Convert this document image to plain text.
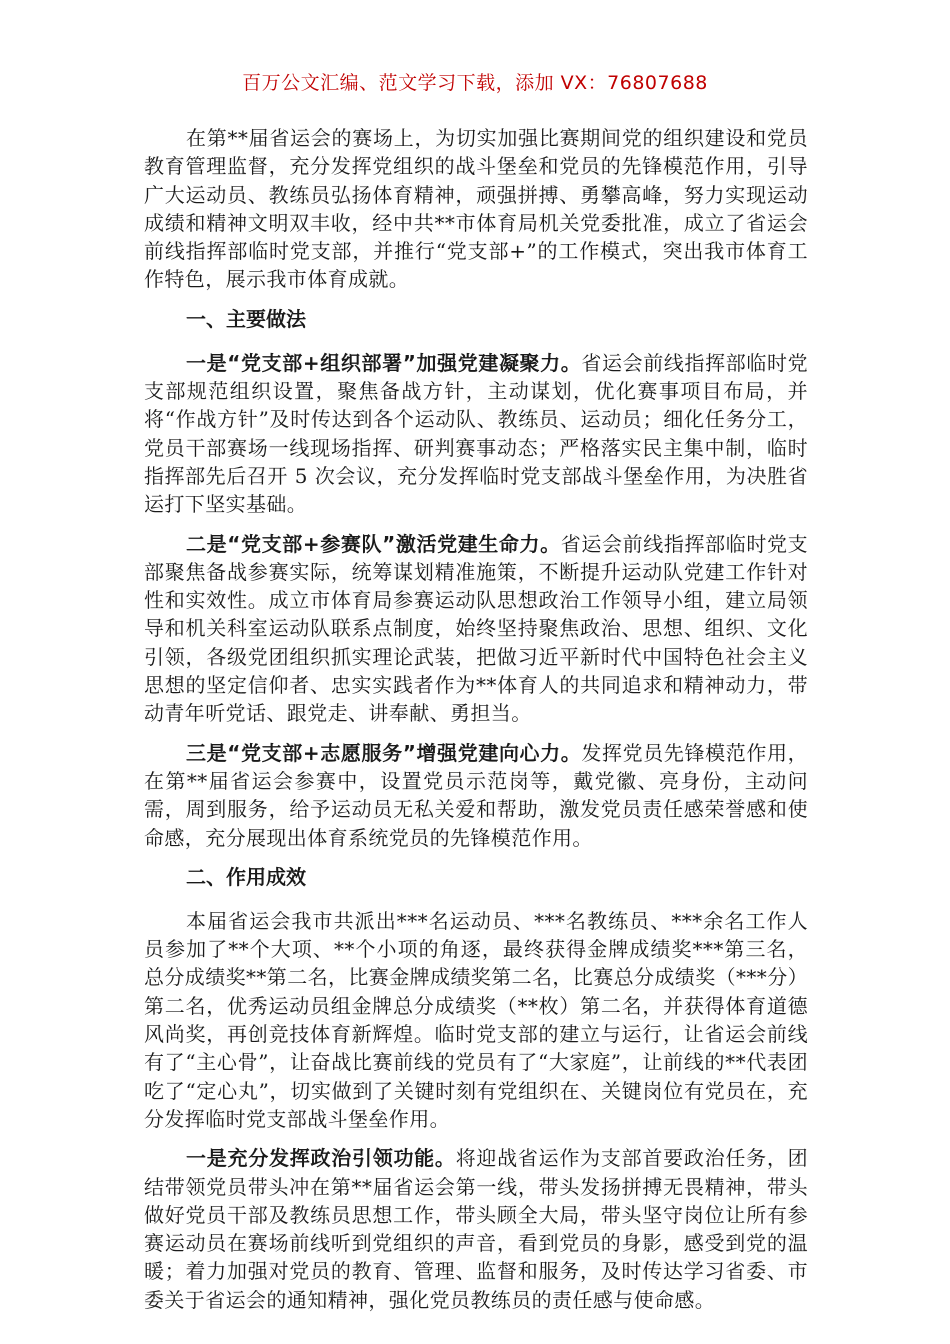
百万公文汇编、范文学习下载，添加 VX：76807688

在第**届省运会的赛场上，为切实加强比赛期间党的组织建设和党员教育管理监督，充分发挥党组织的战斗堡垒和党员的先锋模范作用，引导广大运动员、教练员弘扬体育精神，顽强拼搏、勇攀高峰，努力实现运动成绩和精神文明双丰收，经中共**市体育局机关党委批准，成立了省运会前线指挥部临时党支部，并推行“党支部+”的工作模式，突出我市体育工作特色，展示我市体育成就。

一、主要做法

一是“党支部+组织部署”加强党建凝聚力。省运会前线指挥部临时党支部规范组织设置，聚焦备战方针，主动谋划，优化赛事项目布局，并将“作战方针”及时传达到各个运动队、教练员、运动员；细化任务分工，党员干部赛场一线现场指挥、研判赛事动态；严格落实民主集中制，临时指挥部先后召开 5 次会议，充分发挥临时党支部战斗堡垒作用，为决胜省运打下坚实基础。

二是“党支部+参赛队”激活党建生命力。省运会前线指挥部临时党支部聚焦备战参赛实际，统筹谋划精准施策，不断提升运动队党建工作针对性和实效性。成立市体育局参赛运动队思想政治工作领导小组，建立局领导和机关科室运动队联系点制度，始终坚持聚焦政治、思想、组织、文化引领，各级党团组织抓实理论武装，把做习近平新时代中国特色社会主义思想的坚定信仰者、忠实实践者作为**体育人的共同追求和精神动力，带动青年听党话、跟党走、讲奉献、勇担当。

三是“党支部+志愿服务”增强党建向心力。发挥党员先锋模范作用，在第**届省运会参赛中，设置党员示范岗等，戴党徽、亮身份，主动问需，周到服务，给予运动员无私关爱和帮助，激发党员责任感荣誉感和使命感，充分展现出体育系统党员的先锋模范作用。

二、作用成效

本届省运会我市共派出***名运动员、***名教练员、***余名工作人员参加了**个大项、**个小项的角逐，最终获得金牌成绩奖***第三名，总分成绩奖**第二名，比赛金牌成绩奖第二名，比赛总分成绩奖（***分）第二名，优秀运动员组金牌总分成绩奖（**枚）第二名，并获得体育道德风尚奖，再创竞技体育新辉煌。临时党支部的建立与运行，让省运会前线有了“主心骨”，让奋战比赛前线的党员有了“大家庭”，让前线的**代表团吃了“定心丸”，切实做到了关键时刻有党组织在、关键岗位有党员在，充分发挥临时党支部战斗堡垒作用。

一是充分发挥政治引领功能。将迎战省运作为支部首要政治任务，团结带领党员带头冲在第**届省运会第一线，带头发扬拼搏无畏精神，带头做好党员干部及教练员思想工作，带头顾全大局，带头坚守岗位让所有参赛运动员在赛场前线听到党组织的声音，看到党员的身影，感受到党的温暖；着力加强对党员的教育、管理、监督和服务，及时传达学习省委、市委关于省运会的通知精神，强化党员教练员的责任感与使命感。
